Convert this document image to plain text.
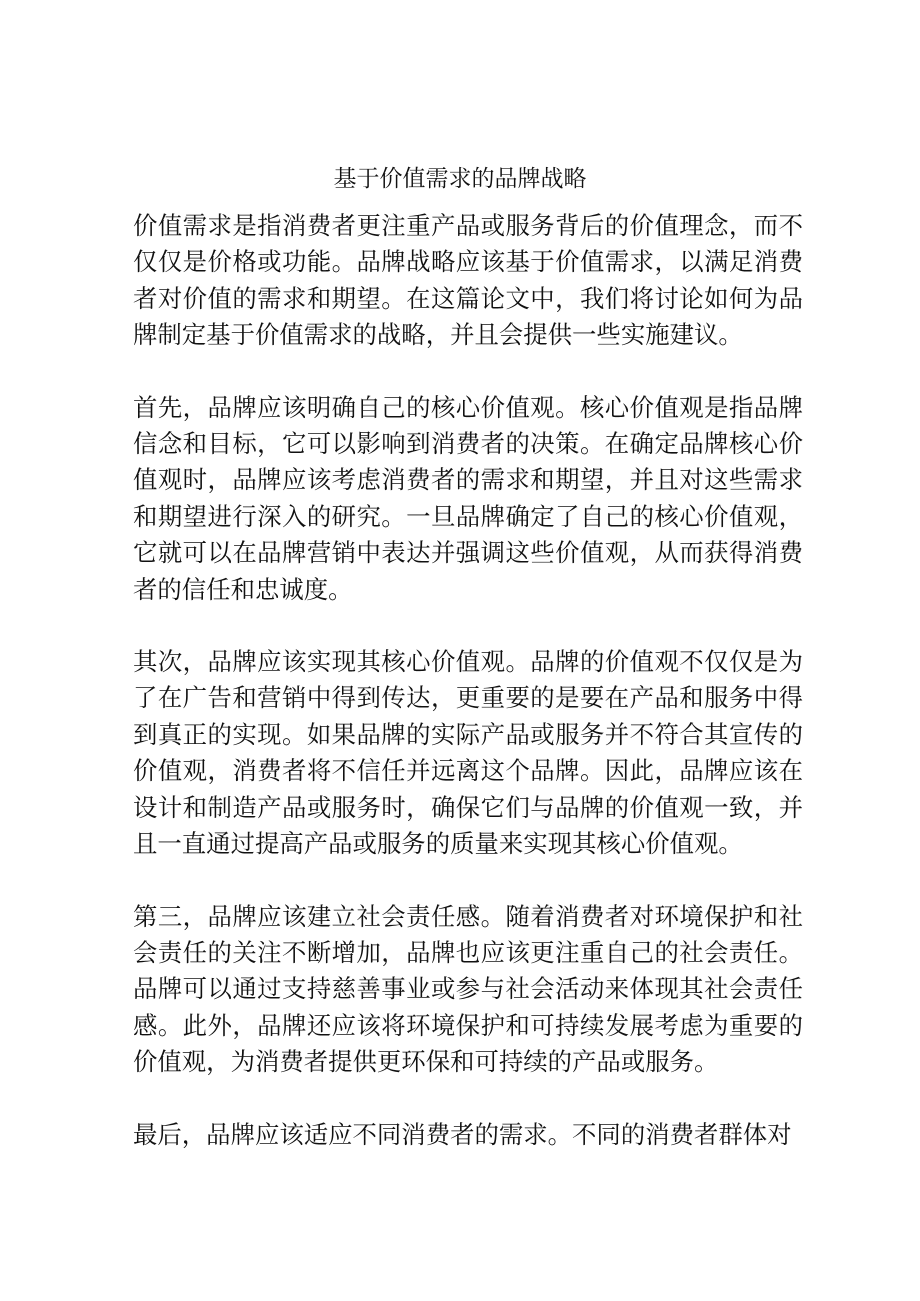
基于价值需求的品牌战略

价值需求是指消费者更注重产品或服务背后的价值理念，而不仅仅是价格或功能。品牌战略应该基于价值需求，以满足消费者对价值的需求和期望。在这篇论文中，我们将讨论如何为品牌制定基于价值需求的战略，并且会提供一些实施建议。

首先，品牌应该明确自己的核心价值观。核心价值观是指品牌信念和目标，它可以影响到消费者的决策。在确定品牌核心价值观时，品牌应该考虑消费者的需求和期望，并且对这些需求和期望进行深入的研究。一旦品牌确定了自己的核心价值观，它就可以在品牌营销中表达并强调这些价值观，从而获得消费者的信任和忠诚度。

其次，品牌应该实现其核心价值观。品牌的价值观不仅仅是为了在广告和营销中得到传达，更重要的是要在产品和服务中得到真正的实现。如果品牌的实际产品或服务并不符合其宣传的价值观，消费者将不信任并远离这个品牌。因此，品牌应该在设计和制造产品或服务时，确保它们与品牌的价值观一致，并且一直通过提高产品或服务的质量来实现其核心价值观。

第三，品牌应该建立社会责任感。随着消费者对环境保护和社会责任的关注不断增加，品牌也应该更注重自己的社会责任。品牌可以通过支持慈善事业或参与社会活动来体现其社会责任感。此外，品牌还应该将环境保护和可持续发展考虑为重要的价值观，为消费者提供更环保和可持续的产品或服务。

最后，品牌应该适应不同消费者的需求。不同的消费者群体对
